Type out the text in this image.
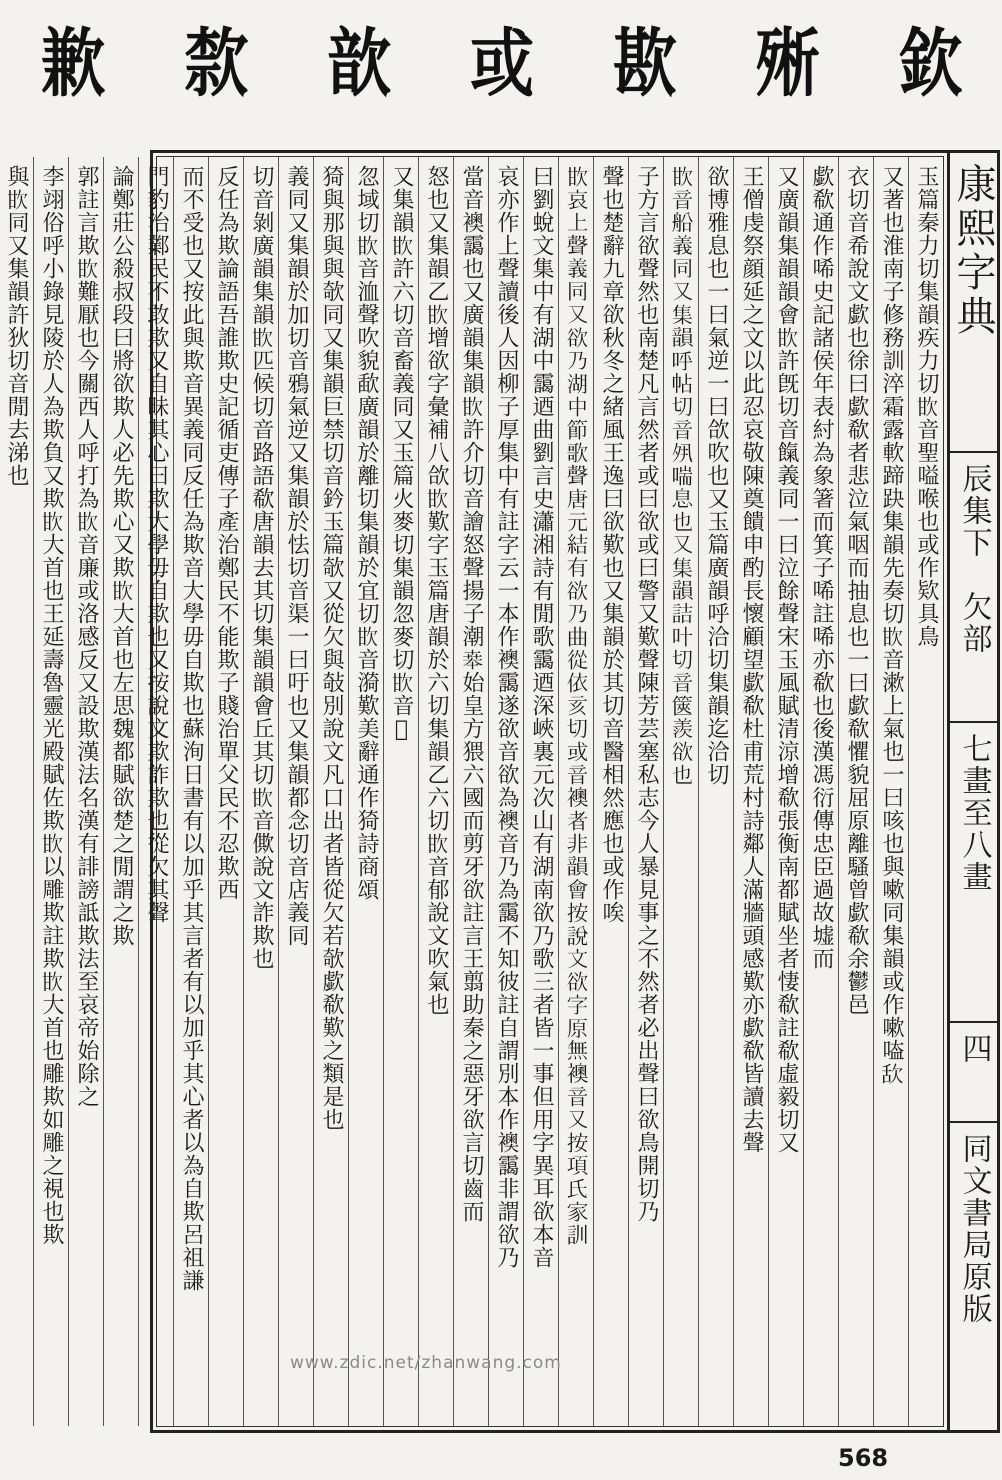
欽
㱤
歁
或
歆
歀
歉
玉篇秦力切集韻疾力切𣢟音聖嗌喉也或作欵具鳥
又著也淮南子修務訓淬霜露軟蹄趹集韻先奏切𣢟音漱上氣也一曰咳也與嗽同集韻或作嗽㗐𣢯
衣切音希說文歔也徐曰歔欷者悲泣氣咽而抽息也一曰歔欷懼貌屈原離騷曾歔欷余鬱邑
歔欷通作唏史記諸侯年表紂為象箸而箕子唏註唏亦欷也後漢馮衍傳忠臣過故墟而
又廣韻集韻韻會𣢟許旣切音餼義同一曰泣餘聲宋玉風賦清涼增欷張衡南都賦坐者悽欷註欷虛毅切又
王僧虔祭顔延之文以此忍哀敬陳奠饋申酌長懷顧望歔欷杜甫荒村詩鄰人滿牆頭感歎亦歔欷皆讀去聲
欲博雅息也一曰氣逆一曰欱吹也又玉篇廣韻呼洽切集韻迄洽切
𣢟音船義同又集韻呼帖切音𡖊喘息也又集韻詰叶切音篋羨欲也
子方言欲聲然也南楚凡言然者或曰欲或曰警又歎聲陳芳芸塞私志今人暴見事之不然者必出聲曰欲鳥開切乃
聲也楚辭九章欲秋冬之緒風王逸曰欲歎也又集韻於其切音醫相然應也或作唉
𣢟哀上聲義同又欲乃湖中節歌聲唐元結有欲乃曲從依亥切或音襖者非韻會按說文欲字原無襖音又按項氏家訓
曰劉蛻文集中有湖中靄迺曲劉言史瀟湘詩有閒歌靄迺深峽裏元次山有湖南欲乃歌三者皆一事但用字異耳欲本音
哀亦作上聲讀後人因柳子厚集中有註字云一本作襖靄遂欲音欲為襖音乃為靄不知彼註自謂別本作襖靄非謂欲乃
當音襖靄也又廣韻集韻𣢟許介切音譮怒聲揚子潮𠦪始皇方猥六國而剪牙欲註言王翦助秦之惡牙欲言切齒而
怒也又集韻乙𣢟增欲字彙補八欱𣢟歎字玉篇唐韻於六切集韻乙六切𣢟音郁說文吹氣也
又集韻𣢟許六切音畜義同又玉篇火麥切集韻忽麥切𣢟音𥊝
忽域切𣢟音洫聲吹貌歃廣韻於離切集韻於宜切𣢟音漪歎美辭通作猗詩商頌
猗與那與與欹同又集韻巨禁切音鈐玉篇欹又從欠與敧別說文凡口出者皆從欠若欹歔欷歎之類是也
義同又集韻於加切音鴉氣逆又集韻於怯切音渠一曰吁也又集韻都念切音店義同
切音剝廣韻集韻𣢟匹候切音路語欷唐韻去其切集韻韻會丘其切𣢟音僛說文詐欺也
反任為欺論語吾誰欺史記循吏傳子產治鄭民不能欺子賤治單父民不忍欺西
而不受也又按此與欺音異義同反任為欺音大學毋自欺也蘇洵日書有以加乎其言者有以加乎其心者以為自欺呂祖謙
門豹治鄴民不敢欺又自昧其心曰欺大學毋自欺也又按說文欺詐欺也從欠其聲
論鄭莊公殺叔段曰將欲欺人必先欺心又欺𣢟大首也左思魏都賦欲楚之閒謂之欺
郭註言欺𣢟難厭也今關西人呼打為𣢟音廉或洛感反又設欺漢法名漢有誹謗詆欺法至哀帝始除之
李翊俗呼小錄見陵於人為欺負又欺𣢟大首也王延壽魯靈光殿賦佐欺𣢟以雕欺註欺𣢟大首也雕欺如雕之視也欺
與𣢟同又集韻許狄切音閒去涕也	康熙字典
辰集下　欠部
七畫至八畫
四
同文書局原版
www.zdic.net/zhanwang.com
568
